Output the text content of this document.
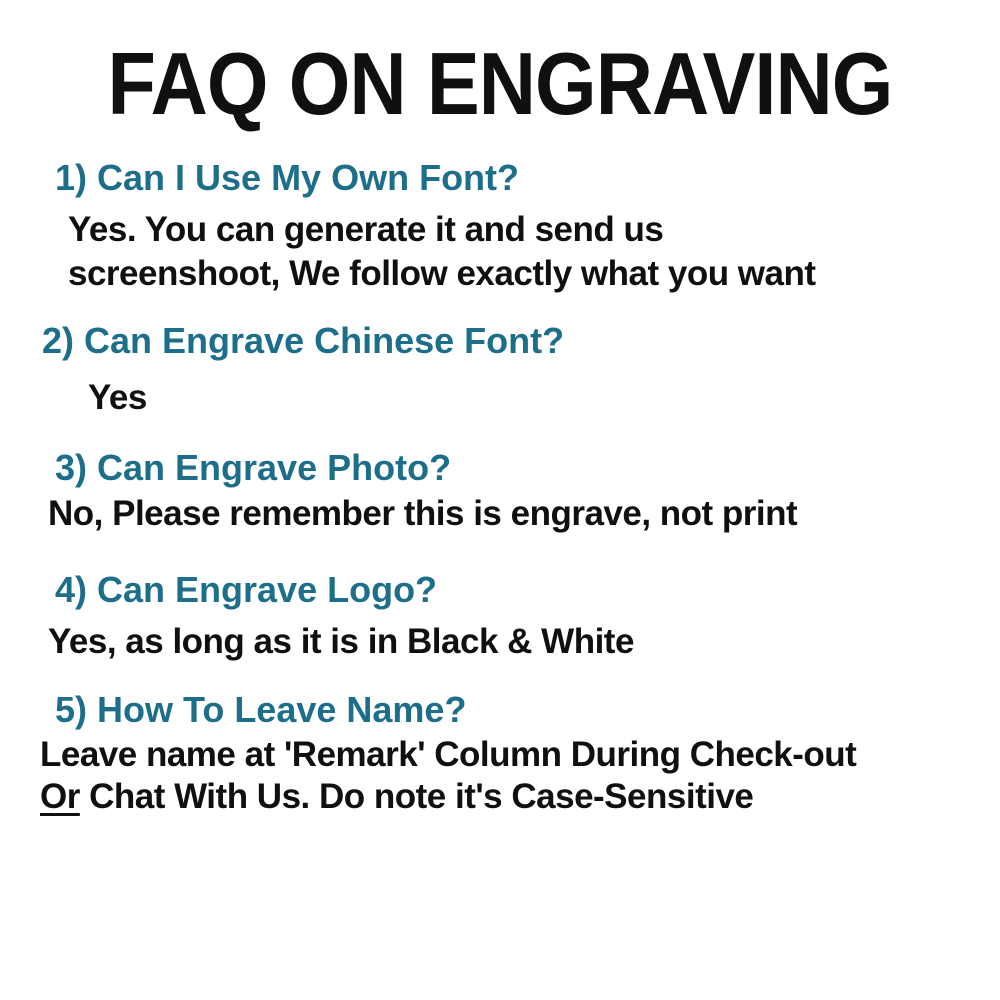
FAQ ON ENGRAVING
1) Can I Use My Own Font?
Yes. You can generate it and send us
screenshoot, We follow exactly what you want
2) Can Engrave Chinese Font?
Yes
3) Can Engrave Photo?
No, Please remember this is engrave, not print
4) Can Engrave Logo?
Yes, as long as it is in Black & White
5) How To Leave Name?
Leave name at 'Remark' Column During Check-out
Or Chat With Us. Do note it's Case-Sensitive
